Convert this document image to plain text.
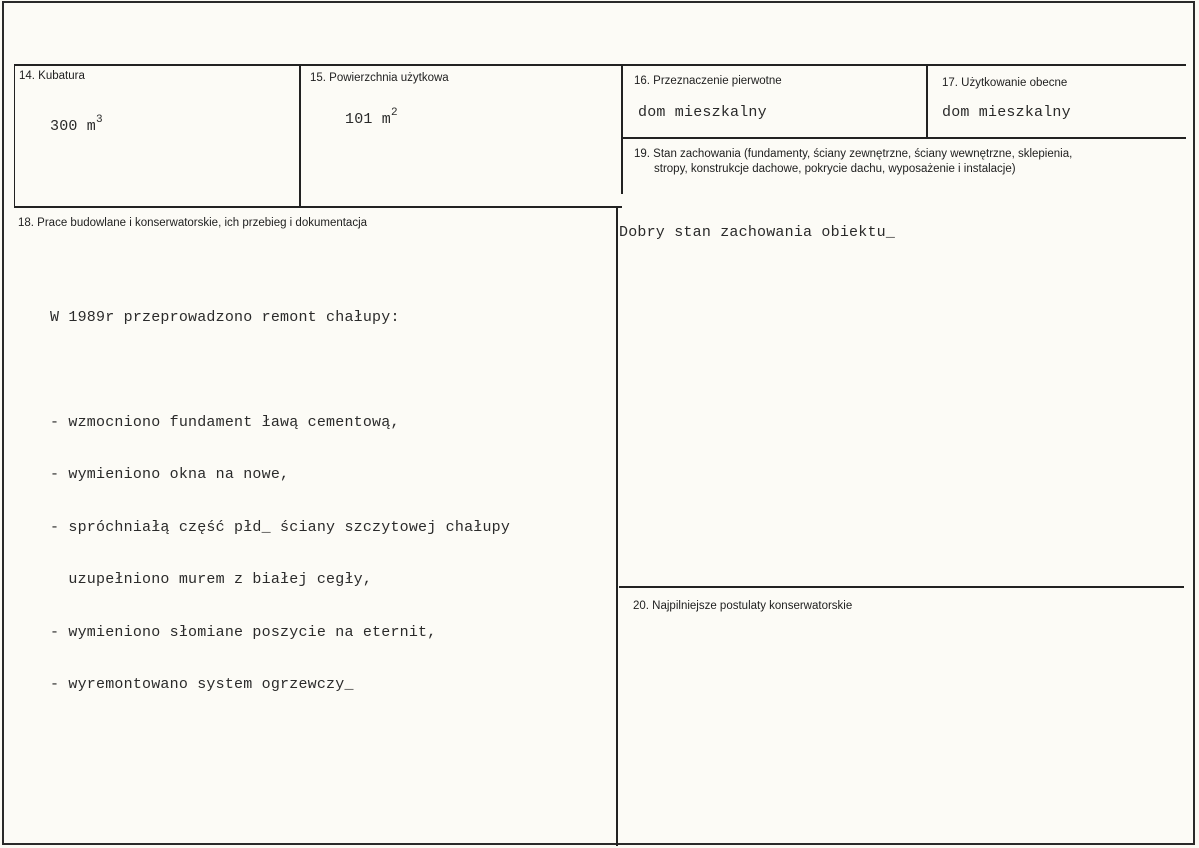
14. Kubatura
300 $m^3$
15. Powierzchnia użytkowa
101 $m^2$
16. Przeznaczenie pierwotne
dom mieszkalny
17. Użytkowanie obecne
dom mieszkalny
18. Prace budowlane i konserwatorskie, ich przebieg i dokumentacja

W 1989r przeprowadzono remont chałupy:

- wzmocniono fundament ławą cementową,

- wymieniono okna na nowe,

- spróchniałą część płd_ ściany szczytowej chałupy

uzupełniono murem z białej cegły,

- wymieniono słomiane poszycie na eternit,

- wyremontowano system ogrzewczy_

19. Stan zachowania (fundamenty, ściany zewnętrzne, ściany wewnętrzne, sklepienia,
stropy, konstrukcje dachowe, pokrycie dachu, wyposażenie i instalacje)
Dobry stan zachowania obiektu_
20. Najpilniejsze postulaty konserwatorskie
